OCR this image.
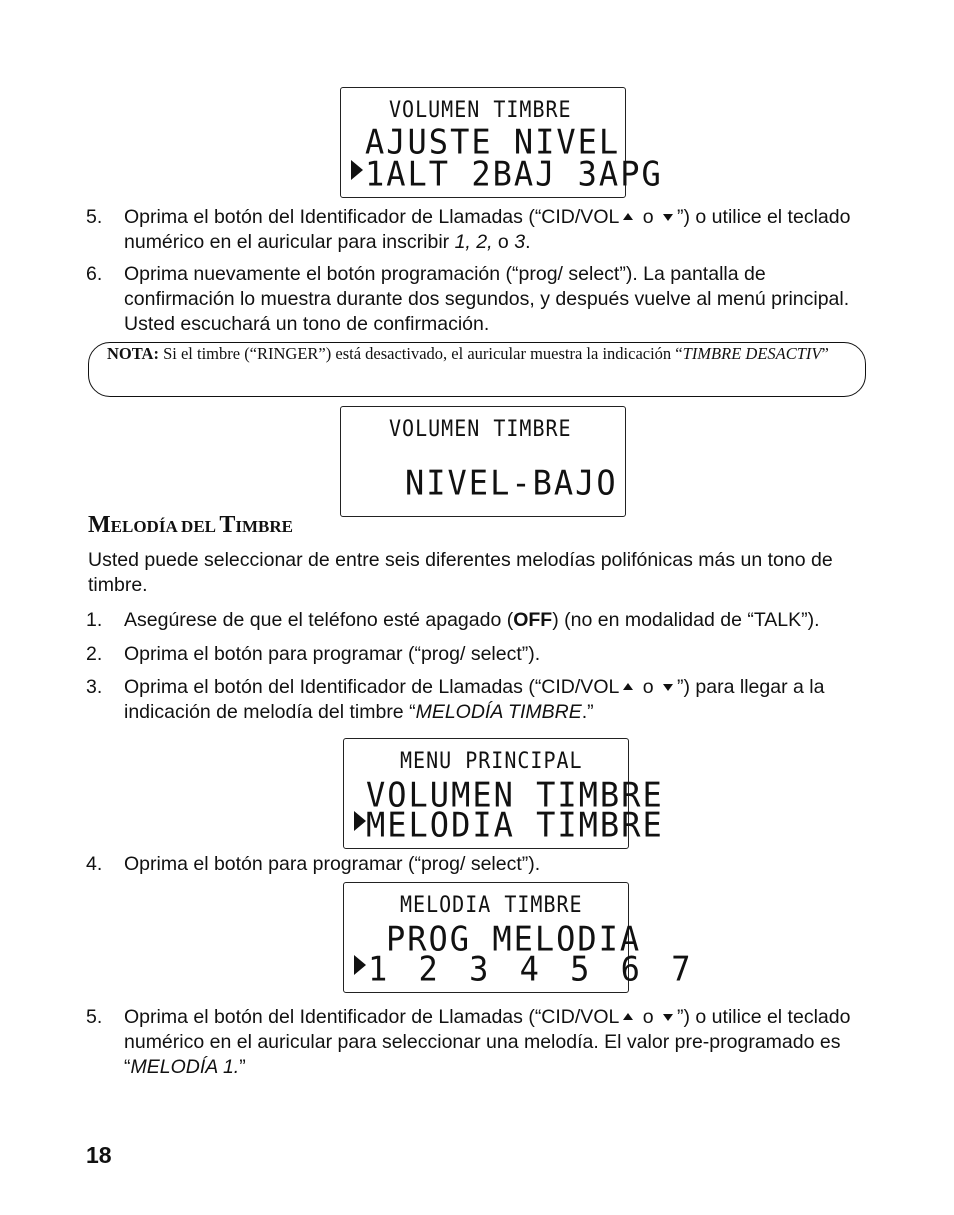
VOLUMEN TIMBRE
AJUSTE NIVEL
1ALT 2BAJ 3APG
5. Oprima el botón del Identificador de Llamadas (“CID/VOL o ”) o utilice el teclado numérico en el auricular para inscribir 1, 2, o 3.
6. Oprima nuevamente el botón programación (“prog/ select”). La pantalla de confirmación lo muestra durante dos segundos, y después vuelve al menú principal. Usted escuchará un tono de confirmación.
NOTA: Si el timbre (“RINGER”) está desactivado, el auricular muestra la indicación “TIMBRE DESACTIV”
VOLUMEN TIMBRE
NIVEL-BAJO
MELODÍA DEL TIMBRE
Usted puede seleccionar de entre seis diferentes melodías polifónicas más un tono de timbre.
1. Asegúrese de que el teléfono esté apagado (OFF) (no en modalidad de “TALK”).
2. Oprima el botón para programar (“prog/ select”).
3. Oprima el botón del Identificador de Llamadas (“CID/VOL o ”) para llegar a la indicación de melodía del timbre “MELODÍA TIMBRE.”
MENU PRINCIPAL
VOLUMEN TIMBRE
MELODIA TIMBRE
4. Oprima el botón para programar (“prog/ select”).
MELODIA TIMBRE
PROG MELODIA
1 2 3 4 5 6 7
5. Oprima el botón del Identificador de Llamadas (“CID/VOL o ”) o utilice el teclado numérico en el auricular para seleccionar una melodía. El valor pre-programado es “MELODÍA 1.”
18
